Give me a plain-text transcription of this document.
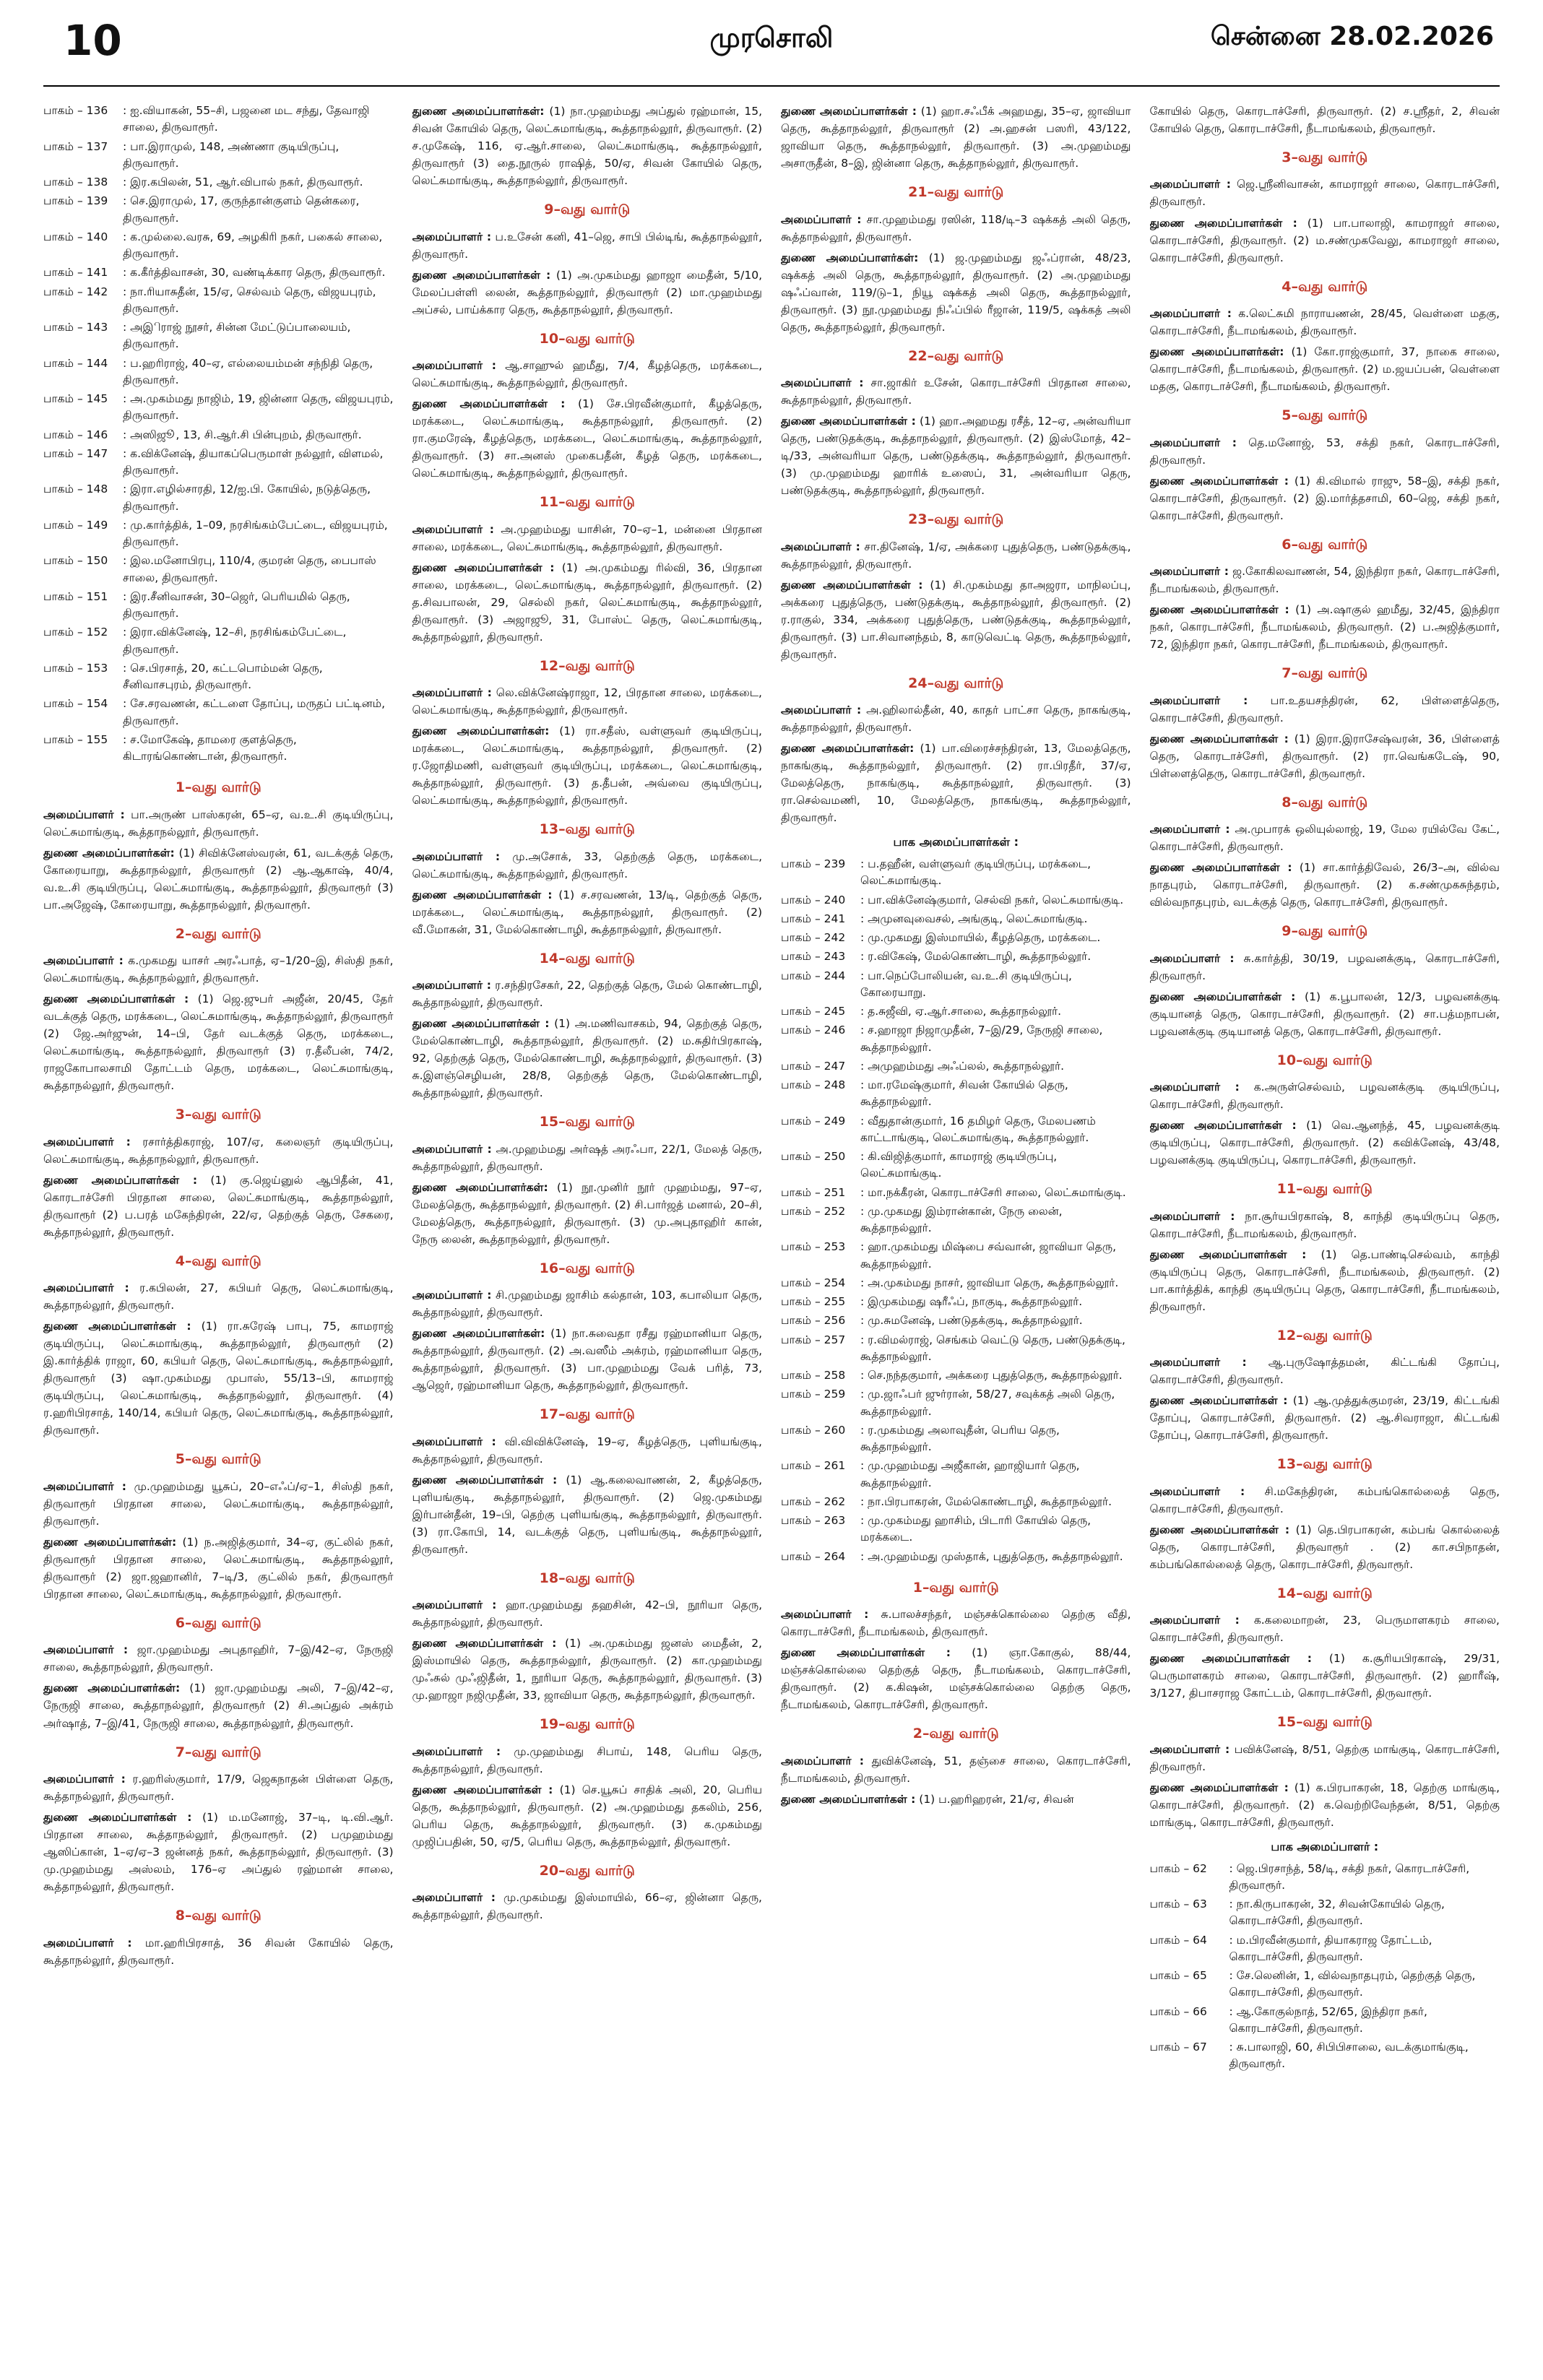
10	முரசொலி	சென்னை 28.02.2026
பாகம் – 136	: ஐ.வியாகன், 55–சி, பஜனை மட சந்து, தேவாஜி சாலை, திருவாரூர்.
பாகம் – 137	: பா.இராமுல், 148, அண்ணா குடியிருப்பு, திருவாரூர்.
பாகம் – 138	: இர.கபிலன், 51, ஆர்.விபால் நகர், திருவாரூர்.
பாகம் – 139	: செ.இராமுல், 17, குருந்தான்குளம் தென்கரை, திருவாரூர்.
பாகம் – 140	: க.முல்லை.வரசு, 69, அழகிரி நகர், பகைல் சாலை, திருவாரூர்.
பாகம் – 141	: க.கீர்த்திவாசன், 30, வண்டிக்கார தெரு, திருவாரூர்.
பாகம் – 142	: நா.ரியாசுதீன், 15/ஏ, செல்வம் தெரு, விஜயபுரம், திருவாரூர்.
பாகம் – 143	: அஇிராஜ் நூசர், சின்ன மேட்டுப்பாலையம், திருவாரூர்.
பாகம் – 144	: ப.ஹரிராஜ், 40–ஏ, எல்லையம்மன் சந்நிதி தெரு, திருவாரூர்.
பாகம் – 145	: அ.முகம்மது நாஜிம், 19, ஜின்னா தெரு, விஜயபுரம், திருவாரூர்.
பாகம் – 146	: அஸிஜூ், 13, சி.ஆர்.சி பின்புறம், திருவாரூர்.
பாகம் – 147	: க.விக்னேஷ், தியாகப்பெருமாள் நல்லூர், விளமல், திருவாரூர்.
பாகம் – 148	: இரா.எழில்சாரதி, 12/ஐ.பி. கோயில், நடுத்தெரு, திருவாரூர்.
பாகம் – 149	: மு.கார்த்திக், 1–09, நரசிங்கம்பேட்டை, விஜயபுரம், திருவாரூர்.
பாகம் – 150	: இல.மனோபிரபு, 110/4, குமரன் தெரு, பைபாஸ் சாலை, திருவாரூர்.
பாகம் – 151	: இர.சீனிவாசன், 30–ஜெர், பெரியமில் தெரு, திருவாரூர்.
பாகம் – 152	: இரா.விக்னேஷ், 12–சி, நரசிங்கம்பேட்டை, திருவாரூர்.
பாகம் – 153	: செ.பிரசாத், 20, கட்டபொம்மன் தெரு, சீனிவாசபுரம், திருவாரூர்.
பாகம் – 154	: சே.சரவணன், கட்டளை தோப்பு, மருதப் பட்டினம், திருவாரூர்.
பாகம் – 155	: ச.மோகேஷ், தாமரை குளத்தெரு, கிடாரங்கொண்டான், திருவாரூர்.
1–வது வார்டு
அமைப்பாளர் : பா.அருண் பாஸ்கரன், 65–ஏ, வ.உ.சி குடியிருப்பு, லெட்சுமாங்குடி, கூத்தாநல்லூர், திருவாரூர்.
துணை அமைப்பாளர்கள்: (1) சிவிக்னேஸ்வரன், 61, வடக்குத் தெரு, கோரையாறு, கூத்தாநல்லூர், திருவாரூர் (2) ஆ.ஆகாஷ், 40/4, வ.உ.சி குடியிருப்பு, லெட்சுமாங்குடி, கூத்தாநல்லூர், திருவாரூர் (3) பா.அஜேஷ், கோரையாறு, கூத்தாநல்லூர், திருவாரூர்.
2–வது வார்டு
அமைப்பாளர் : க.முகமது யாசர் அரஃபாத், ஏ–1/20–இ, சிஸ்தி நகர், லெட்சுமாங்குடி, கூத்தாநல்லூர், திருவாரூர்.
துணை அமைப்பாளர்கள் : (1) ஜெ.ஜுபர் அஜீன், 20/45, தேர் வடக்குத் தெரு, மரக்கடை, லெட்சுமாங்குடி, கூத்தாநல்லூர், திருவாரூர் (2) ஜே.அர்ஜுன், 14–பி, தேர் வடக்குத் தெரு, மரக்கடை, லெட்சுமாங்குடி, கூத்தாநல்லூர், திருவாரூர் (3) ர.தீலீபன், 74/2, ராஜகோபாலசாமி தோட்டம் தெரு, மரக்கடை, லெட்சுமாங்குடி, கூத்தாநல்லூர், திருவாரூர்.
3–வது வார்டு
அமைப்பாளர் : ரசார்த்திகராஜ், 107/ஏ, கலைஞர் குடியிருப்பு, லெட்சுமாங்குடி, கூத்தாநல்லூர், திருவாரூர்.
துணை அமைப்பாளர்கள் : (1) கு.ஜெய்னுல் ஆபிதீன், 41, கொரடாச்சேரி பிரதான சாலை, லெட்சுமாங்குடி, கூத்தாநல்லூர், திருவாரூர் (2) ப.பரத் மகேந்திரன், 22/ஏ, தெற்குத் தெரு, சேகரை, கூத்தாநல்லூர், திருவாரூர்.
4–வது வார்டு
அமைப்பாளர் : ர.கபிலன், 27, கபியர் தெரு, லெட்சுமாங்குடி, கூத்தாநல்லூர், திருவாரூர்.
துணை அமைப்பாளர்கள் : (1) ரா.சுரேஷ் பாபு, 75, காமராஜ் குடியிருப்பு, லெட்சுமாங்குடி, கூத்தாநல்லூர், திருவாரூர் (2) இ.கார்த்திக் ராஜா, 60, கபியர் தெரு, லெட்சுமாங்குடி, கூத்தாநல்லூர், திருவாரூர் (3) ஷா.முகம்மது முபாஸ், 55/13–பி, காமராஜ் குடியிருப்பு, லெட்சுமாங்குடி, கூத்தாநல்லூர், திருவாரூர். (4) ர.ஹரிபிரசாத், 140/14, கபியர் தெரு, லெட்சுமாங்குடி, கூத்தாநல்லூர், திருவாரூர்.
5–வது வார்டு
அமைப்பாளர் : மு.முஹம்மது யூசுப், 20–எஃப்/ஏ–1, சிஸ்தி நகர், திருவாரூர் பிரதான சாலை, லெட்சுமாங்குடி, கூத்தாநல்லூர், திருவாரூர்.
துணை அமைப்பாளர்கள்: (1) ந.அஜித்குமார், 34–ஏ, குட்லில் நகர், திருவாரூர் பிரதான சாலை, லெட்சுமாங்குடி, கூத்தாநல்லூர், திருவாரூர் (2) ஜா.ஜஹானிர், 7–டி/3, குட்லில் நகர், திருவாரூர் பிரதான சாலை, லெட்சுமாங்குடி, கூத்தாநல்லூர், திருவாரூர்.
6–வது வார்டு
அமைப்பாளர் : ஜா.முஹம்மது அபுதாஹிர், 7–இ/42–ஏ, நேருஜி சாலை, கூத்தாநல்லூர், திருவாரூர்.
துணை அமைப்பாளர்கள்: (1) ஜா.முஹம்மது அலி, 7–இ/42–ஏ, நேருஜி சாலை, கூத்தாநல்லூர், திருவாரூர் (2) சி.அப்துல் அக்ரம் அர்ஷாத், 7–இ/41, நேருஜி சாலை, கூத்தாநல்லூர், திருவாரூர்.
7–வது வார்டு
அமைப்பாளர் : ர.ஹரிஸ்குமார், 17/9, ஜெகநாதன் பிள்ளை தெரு, கூத்தாநல்லூர், திருவாரூர்.
துணை அமைப்பாளர்கள் : (1) ம.மனோஜ், 37–டி, டி.வி.ஆர். பிரதான சாலை, கூத்தாநல்லூர், திருவாரூர். (2) பமுஹம்மது ஆஸிப்கான், 1–ஏ/ஏ–3 ஜன்னத் நகர், கூத்தாநல்லூர், திருவாரூர். (3) மு.முஹம்மது அஸ்லம், 176–ஏ அப்துல் ரஹ்மான் சாலை, கூத்தாநல்லூர், திருவாரூர்.
8–வது வார்டு
அமைப்பாளர் : மா.ஹரிபிரசாத், 36 சிவன் கோயில் தெரு, கூத்தாநல்லூர், திருவாரூர்.
துணை அமைப்பாளர்கள்: (1) நா.முஹம்மது அப்துல் ரஹ்மான், 15, சிவன் கோயில் தெரு, லெட்சுமாங்குடி, கூத்தாநல்லூர், திருவாரூர். (2) ச.முகேஷ், 116, ஏ.ஆர்.சாலை, லெட்சுமாங்குடி, கூத்தாநல்லூர், திருவாரூர் (3) தை.நூருல் ராஷித், 50/ஏ, சிவன் கோயில் தெரு, லெட்சுமாங்குடி, கூத்தாநல்லூர், திருவாரூர்.
9–வது வார்டு
அமைப்பாளர் : ப.உசேன் கனி, 41–ஜெ, சாபி பில்டிங், கூத்தாநல்லூர், திருவாரூர்.
துணை அமைப்பாளர்கள் : (1) அ.முகம்மது ஹாஜா மைதீன், 5/10, மேலப்பள்ளி லைன், கூத்தாநல்லூர், திருவாரூர் (2) மா.முஹம்மது அப்சல், பாய்க்கார தெரு, கூத்தாநல்லூர், திருவாரூர்.
10–வது வார்டு
அமைப்பாளர் : ஆ.சாஹுல் ஹமீது, 7/4, கீழத்தெரு, மரக்கடை, லெட்சுமாங்குடி, கூத்தாநல்லூர், திருவாரூர்.
துணை அமைப்பாளர்கள் : (1) சே.பிரவீன்குமார், கீழத்தெரு, மரக்கடை, லெட்சுமாங்குடி, கூத்தாநல்லூர், திருவாரூர். (2) ரா.குமரேஷ், கீழத்தெரு, மரக்கடை, லெட்சுமாங்குடி, கூத்தாநல்லூர், திருவாரூர். (3) சா.அனஸ் முகைபதீன், கீழத் தெரு, மரக்கடை, லெட்சுமாங்குடி, கூத்தாநல்லூர், திருவாரூர்.
11–வது வார்டு
அமைப்பாளர் : அ.முஹம்மது யாசின், 70–ஏ–1, மன்னை பிரதான சாலை, மரக்கடை, லெட்சுமாங்குடி, கூத்தாநல்லூர், திருவாரூர்.
துணை அமைப்பாளர்கள் : (1) அ.முகம்மது ரில்வி, 36, பிரதான சாலை, மரக்கடை, லெட்சுமாங்குடி, கூத்தாநல்லூர், திருவாரூர். (2) த.சிவபாலன், 29, செல்லி நகர், லெட்சுமாங்குடி, கூத்தாநல்லூர், திருவாரூர். (3) அஜாஜூ, 31, போஸ்ட் தெரு, லெட்சுமாங்குடி, கூத்தாநல்லூர், திருவாரூர்.
12–வது வார்டு
அமைப்பாளர் : லெ.விக்னேஷ்ராஜா, 12, பிரதான சாலை, மரக்கடை, லெட்சுமாங்குடி, கூத்தாநல்லூர், திருவாரூர்.
துணை அமைப்பாளர்கள்: (1) ரா.சதீஸ், வள்ளுவர் குடியிருப்பு, மரக்கடை, லெட்சுமாங்குடி, கூத்தாநல்லூர், திருவாரூர். (2) ர.ஜோதிமணி, வள்ளுவர் குடியிருப்பு, மரக்கடை, லெட்சுமாங்குடி, கூத்தாநல்லூர், திருவாரூர். (3) த.தீபன், அவ்வை குடியிருப்பு, லெட்சுமாங்குடி, கூத்தாநல்லூர், திருவாரூர்.
13–வது வார்டு
அமைப்பாளர் : மு.அசோக், 33, தெற்குத் தெரு, மரக்கடை, லெட்சுமாங்குடி, கூத்தாநல்லூர், திருவாரூர்.
துணை அமைப்பாளர்கள் : (1) ச.சரவணன், 13/டி, தெற்குத் தெரு, மரக்கடை, லெட்சுமாங்குடி, கூத்தாநல்லூர், திருவாரூர். (2) வீ.மோகன், 31, மேல்கொண்டாழி, கூத்தாநல்லூர், திருவாரூர்.
14–வது வார்டு
அமைப்பாளர் : ர.சந்திரசேகர், 22, தெற்குத் தெரு, மேல் கொண்டாழி, கூத்தாநல்லூர், திருவாரூர்.
துணை அமைப்பாளர்கள் : (1) அ.மணிவாசகம், 94, தெற்குத் தெரு, மேல்கொண்டாழி, கூத்தாநல்லூர், திருவாரூர். (2) ம.சுதிர்பிரகாஷ், 92, தெற்குத் தெரு, மேல்கொண்டாழி, கூத்தாநல்லூர், திருவாரூர். (3) சு.இளஞ்செழியன், 28/8, தெற்குத் தெரு, மேல்கொண்டாழி, கூத்தாநல்லூர், திருவாரூர்.
15–வது வார்டு
அமைப்பாளர் : அ.முஹம்மது அர்ஷத் அரஃபா, 22/1, மேலத் தெரு, கூத்தாநல்லூர், திருவாரூர்.
துணை அமைப்பாளர்கள்: (1) நூ.முனிர் நூர் முஹம்மது, 97–ஏ, மேலத்தெரு, கூத்தாநல்லூர், திருவாரூர். (2) சி.பார்ஜத் மனால், 20–சி, மேலத்தெரு, கூத்தாநல்லூர், திருவாரூர். (3) மு.அபுதாஹிர் கான், நேரு லைன், கூத்தாநல்லூர், திருவாரூர்.
16–வது வார்டு
அமைப்பாளர் : சி.முஹம்மது ஜாசிம் கல்தான், 103, கபாலியா தெரு, கூத்தாநல்லூர், திருவாரூர்.
துணை அமைப்பாளர்கள்: (1) நா.சுவைதா ரசீது ரஹ்மானியா தெரு, கூத்தாநல்லூர், திருவாரூர். (2) அ.வஸீம் அக்ரம், ரஹ்மானியா தெரு, கூத்தாநல்லூர், திருவாரூர். (3) பா.முஹம்மது வேக் பரித், 73, ஆஜெர், ரஹ்மானியா தெரு, கூத்தாநல்லூர், திருவாரூர்.
17–வது வார்டு
அமைப்பாளர் : வி.விவிக்னேஷ், 19–ஏ, கீழத்தெரு, புளியங்குடி, கூத்தாநல்லூர், திருவாரூர்.
துணை அமைப்பாளர்கள் : (1) ஆ.கலைவாணன், 2, கீழத்தெரு, புளியங்குடி, கூத்தாநல்லூர், திருவாரூர். (2) ஜெ.முகம்மது இர்பான்தீன், 19–பி, தெற்கு புளியங்குடி, கூத்தாநல்லூர், திருவாரூர். (3) ரா.கோபி, 14, வடக்குத் தெரு, புளியங்குடி, கூத்தாநல்லூர், திருவாரூர்.
18–வது வார்டு
அமைப்பாளர் : ஹா.முஹம்மது தஹசின், 42–பி, நூரியா தெரு, கூத்தாநல்லூர், திருவாரூர்.
துணை அமைப்பாளர்கள் : (1) அ.முகம்மது ஜனஸ் மைதீன், 2, இஸ்மாயில் தெரு, கூத்தாநல்லூர், திருவாரூர். (2) கா.முஹம்மது முஃசுல் முஃஜிதீன், 1, நூரியா தெரு, கூத்தாநல்லூர், திருவாரூர். (3) மு.ஹாஜா நஜிமுதீன், 33, ஜாவியா தெரு, கூத்தாநல்லூர், திருவாரூர்.
19–வது வார்டு
அமைப்பாளர் : மு.முஹம்மது சிபாய், 148, பெரிய தெரு, கூத்தாநல்லூர், திருவாரூர்.
துணை அமைப்பாளர்கள் : (1) செ.யூசுப் சாதிக் அலி, 20, பெரிய தெரு, கூத்தாநல்லூர், திருவாரூர். (2) அ.முஹம்மது தகலிம், 256, பெரிய தெரு, கூத்தாநல்லூர், திருவாரூர். (3) க.முகம்மது முஜிப்பதின், 50, ஏ/5, பெரிய தெரு, கூத்தாநல்லூர், திருவாரூர்.
20–வது வார்டு
அமைப்பாளர் : மு.முகம்மது இஸ்மாயில், 66–ஏ, ஜின்னா தெரு, கூத்தாநல்லூர், திருவாரூர்.
துணை அமைப்பாளர்கள் : (1) ஹா.சஃபீக் அஹமது, 35–ஏ, ஜாவியா தெரு, கூத்தாநல்லூர், திருவாரூர் (2) அ.ஹசன் பஸரி, 43/122, ஜாவியா தெரு, கூத்தாநல்லூர், திருவாரூர். (3) அ.முஹம்மது அசாருதீன், 8–இ, ஜின்னா தெரு, கூத்தாநல்லூர், திருவாரூர்.
21–வது வார்டு
அமைப்பாளர் : சா.முஹம்மது ரஸின், 118/டி–3 ஷக்கத் அலி தெரு, கூத்தாநல்லூர், திருவாரூர்.
துணை அமைப்பாளர்கள்: (1) ஜ.முஹம்மது ஜஃப்ரான், 48/23, ஷக்கத் அலி தெரு, கூத்தாநல்லூர், திருவாரூர். (2) அ.முஹம்மது ஷஃப்வான், 119/டு–1, நியூ ஷக்கத் அலி தெரு, கூத்தாநல்லூர், திருவாரூர். (3) நூ.முஹம்மது நிஃப்பில் ரீஜான், 119/5, ஷக்கத் அலி தெரு, கூத்தாநல்லூர், திருவாரூர்.
22–வது வார்டு
அமைப்பாளர் : சா.ஜாகிர் உசேன், கொரடாச்சேரி பிரதான சாலை, கூத்தாநல்லூர், திருவாரூர்.
துணை அமைப்பாளர்கள் : (1) ஹா.அஹமது ரசீத், 12–ஏ, அன்வரியா தெரு, பண்டுதக்குடி, கூத்தாநல்லூர், திருவாரூர். (2) இஸ்மோத், 42–டி/33, அன்வரியா தெரு, பண்டுதக்குடி, கூத்தாநல்லூர், திருவாரூர். (3) மு.முஹம்மது ஹாரிக் உஸைப், 31, அன்வரியா தெரு, பண்டுதக்குடி, கூத்தாநல்லூர், திருவாரூர்.
23–வது வார்டு
அமைப்பாளர் : சா.தினேஷ், 1/ஏ, அக்கரை புதுத்தெரு, பண்டுதக்குடி, கூத்தாநல்லூர், திருவாரூர்.
துணை அமைப்பாளர்கள் : (1) சி.முகம்மது தாஅஜரா, மாநிலப்பு, அக்கரை புதுத்தெரு, பண்டுதக்குடி, கூத்தாநல்லூர், திருவாரூர். (2) ர.ராகுல், 334, அக்கரை புதுத்தெரு, பண்டுதக்குடி, கூத்தாநல்லூர், திருவாரூர். (3) பா.சிவானந்தம், 8, காடுவெட்டி தெரு, கூத்தாநல்லூர், திருவாரூர்.
24–வது வார்டு
அமைப்பாளர் : அ.ஹிலால்தீன், 40, காதர் பாட்சா தெரு, நாகங்குடி, கூத்தாநல்லூர், திருவாரூர்.
துணை அமைப்பாளர்கள்: (1) பா.விரைச்சந்திரன், 13, மேலத்தெரு, நாகங்குடி, கூத்தாநல்லூர், திருவாரூர். (2) ரா.பிரதீர், 37/ஏ, மேலத்தெரு, நாகங்குடி, கூத்தாநல்லூர், திருவாரூர். (3) ரா.செல்வமணி, 10, மேலத்தெரு, நாகங்குடி, கூத்தாநல்லூர், திருவாரூர்.
பாக அமைப்பாளர்கள் :
பாகம் – 239	: ப.தஹீன், வள்ளுவர் குடியிருப்பு, மரக்கடை, லெட்சுமாங்குடி.
பாகம் – 240	: பா.விக்னேஷ்குமார், செல்வி நகர், லெட்சுமாங்குடி.
பாகம் – 241	: அமுனவுவைசல், அங்குடி, லெட்சுமாங்குடி.
பாகம் – 242	: மு.முகமது இஸ்மாயில், கீழத்தெரு, மரக்கடை.
பாகம் – 243	: ர.விகேஷ், மேல்கொண்டாழி, கூத்தாநல்லூர்.
பாகம் – 244	: பா.நெப்போலியன், வ.உ.சி குடியிருப்பு, கோரையாறு.
பாகம் – 245	: த.சுஜீவி, ஏ.ஆர்.சாலை, கூத்தாநல்லூர்.
பாகம் – 246	: ச.ஹாஜா நிஜாமுதீன், 7–இ/29, நேருஜி சாலை, கூத்தாநல்லூர்.
பாகம் – 247	: அமுஹம்மது அஃப்லல், கூத்தாநல்லூர்.
பாகம் – 248	: மா.ரமேஷ்குமார், சிவன் கோயில் தெரு, கூத்தாநல்லூர்.
பாகம் – 249	: வீதுதான்குமார், 16 தமிழர் தெரு, மேலபணம் காட்டாங்குடி, லெட்சுமாங்குடி, கூத்தாநல்லூர்.
பாகம் – 250	: கி.விஜித்குமார், காமராஜ் குடியிருப்பு, லெட்சுமாங்குடி.
பாகம் – 251	: மா.நக்கீரன், கொரடாச்சேரி சாலை, லெட்சுமாங்குடி.
பாகம் – 252	: மு.முகமது இம்ரான்கான், நேரு லைன், கூத்தாநல்லூர்.
பாகம் – 253	: ஹா.முகம்மது மிஷ்பை சவ்வான், ஜாவியா தெரு, கூத்தாநல்லூர்.
பாகம் – 254	: அ.முகம்மது நாசர், ஜாவியா தெரு, கூத்தாநல்லூர்.
பாகம் – 255	: இமுகம்மது ஷரீஃப், நாகுடி, கூத்தாநல்லூர்.
பாகம் – 256	: மு.சுமனேஷ், பண்டுதக்குடி, கூத்தாநல்லூர்.
பாகம் – 257	: ர.விமல்ராஜ், செங்கம் வெட்டு தெரு, பண்டுதக்குடி, கூத்தாநல்லூர்.
பாகம் – 258	: செ.நந்தகுமார், அக்கரை புதுத்தெரு, கூத்தாநல்லூர்.
பாகம் – 259	: மு.ஜாஃபர் ஜுர்ரான், 58/27, சவுக்கத் அலி தெரு, கூத்தாநல்லூர்.
பாகம் – 260	: ர.முகம்மது அலாவுதீன், பெரிய தெரு, கூத்தாநல்லூர்.
பாகம் – 261	: மு.முஹம்மது அஜீகான், ஹாஜியார் தெரு, கூத்தாநல்லூர்.
பாகம் – 262	: நா.பிரபாகரன், மேல்கொண்டாழி, கூத்தாநல்லூர்.
பாகம் – 263	: மு.முகம்மது ஹாசிம், பிடாரி கோயில் தெரு, மரக்கடை.
பாகம் – 264	: அ.முஹம்மது முஸ்தாக், புதுத்தெரு, கூத்தாநல்லூர்.
1–வது வார்டு
அமைப்பாளர் : சு.பாலச்சந்தர், மஞ்சக்கொல்லை தெற்கு வீதி, கொரடாச்சேரி, நீடாமங்கலம், திருவாரூர்.
துணை அமைப்பாளர்கள் : (1) ஞா.கோகுல், 88/44, மஞ்சக்கொல்லை தெற்குத் தெரு, நீடாமங்கலம், கொரடாச்சேரி, திருவாரூர். (2) க.கிஷன், மஞ்சக்கொல்லை தெற்கு தெரு, நீடாமங்கலம், கொரடாச்சேரி, திருவாரூர்.
2–வது வார்டு
அமைப்பாளர் : துவிக்னேஷ், 51, தஞ்சை சாலை, கொரடாச்சேரி, நீடாமங்கலம், திருவாரூர்.
துணை அமைப்பாளர்கள் : (1) ப.ஹரிஹரன், 21/ஏ, சிவன்
கோயில் தெரு, கொரடாச்சேரி, திருவாரூர். (2) ச.ஸ்ரீதர், 2, சிவன் கோயில் தெரு, கொரடாச்சேரி, நீடாமங்கலம், திருவாரூர்.
3–வது வார்டு
அமைப்பாளர் : ஜெ.ஸ்ரீனிவாசன், காமராஜர் சாலை, கொரடாச்சேரி, திருவாரூர்.
துணை அமைப்பாளர்கள் : (1) பா.பாலாஜி, காமராஜர் சாலை, கொரடாச்சேரி, திருவாரூர். (2) ம.சண்முகவேலு, காமராஜர் சாலை, கொரடாச்சேரி, திருவாரூர்.
4–வது வார்டு
அமைப்பாளர் : க.லெட்சுமி நாராயணன், 28/45, வெள்ளை மதகு, கொரடாச்சேரி, நீடாமங்கலம், திருவாரூர்.
துணை அமைப்பாளர்கள்: (1) கோ.ராஜ்குமார், 37, நாகை சாலை, கொரடாச்சேரி, நீடாமங்கலம், திருவாரூர். (2) ம.ஜயப்பன், வெள்ளை மதகு, கொரடாச்சேரி, நீடாமங்கலம், திருவாரூர்.
5–வது வார்டு
அமைப்பாளர் : தெ.மனோஜ், 53, சக்தி நகர், கொரடாச்சேரி, திருவாரூர்.
துணை அமைப்பாளர்கள் : (1) கி.விமால் ராஜு, 58–இ, சக்தி நகர், கொரடாச்சேரி, திருவாரூர். (2) இ.மார்த்தசாமி, 60–ஜெ, சக்தி நகர், கொரடாச்சேரி, திருவாரூர்.
6–வது வார்டு
அமைப்பாளர் : ஜ.கோகிலவாணன், 54, இந்திரா நகர், கொரடாச்சேரி, நீடாமங்கலம், திருவாரூர்.
துணை அமைப்பாளர்கள் : (1) அ.ஷாகுல் ஹமீது, 32/45, இந்திரா நகர், கொரடாச்சேரி, நீடாமங்கலம், திருவாரூர். (2) ப.அஜித்குமார், 72, இந்திரா நகர், கொரடாச்சேரி, நீடாமங்கலம், திருவாரூர்.
7–வது வார்டு
அமைப்பாளர் : பா.உதயசந்திரன், 62, பிள்ளைத்தெரு, கொரடாச்சேரி, திருவாரூர்.
துணை அமைப்பாளர்கள் : (1) இரா.இராசேஷ்வரன், 36, பிள்ளைத் தெரு, கொரடாச்சேரி, திருவாரூர். (2) ரா.வெங்கடேஷ், 90, பிள்ளைத்தெரு, கொரடாச்சேரி, திருவாரூர்.
8–வது வார்டு
அமைப்பாளர் : அ.முபாரக் ஒலியுல்லாஜ், 19, மேல ரயில்வே கேட், கொரடாச்சேரி, திருவாரூர்.
துணை அமைப்பாளர்கள் : (1) சா.கார்த்திவேல், 26/3–அ, வில்வ நாதபுரம், கொரடாச்சேரி, திருவாரூர். (2) க.சண்முகசுந்தரம், வில்வநாதபுரம், வடக்குத் தெரு, கொரடாச்சேரி, திருவாரூர்.
9–வது வார்டு
அமைப்பாளர் : சு.கார்த்தி, 30/19, பழவனக்குடி, கொரடாச்சேரி, திருவாரூர்.
துணை அமைப்பாளர்கள் : (1) க.பூபாலன், 12/3, பழவனக்குடி குடியானத் தெரு, கொரடாச்சேரி, திருவாரூர். (2) சா.பத்மநாபன், பழவனக்குடி குடியானத் தெரு, கொரடாச்சேரி, திருவாரூர்.
10–வது வார்டு
அமைப்பாளர் : க.அருள்செல்வம், பழவனக்குடி குடியிருப்பு, கொரடாச்சேரி, திருவாரூர்.
துணை அமைப்பாளர்கள் : (1) வெ.ஆனந்த், 45, பழவனக்குடி குடியிருப்பு, கொரடாச்சேரி, திருவாரூர். (2) கவிக்னேஷ், 43/48, பழவனக்குடி குடியிருப்பு, கொரடாச்சேரி, திருவாரூர்.
11–வது வார்டு
அமைப்பாளர் : நா.சூர்யபிரகாஷ், 8, காந்தி குடியிருப்பு தெரு, கொரடாச்சேரி, நீடாமங்கலம், திருவாரூர்.
துணை அமைப்பாளர்கள் : (1) தெ.பாண்டிசெல்வம், காந்தி குடியிருப்பு தெரு, கொரடாச்சேரி, நீடாமங்கலம், திருவாரூர். (2) பா.கார்த்திக், காந்தி குடியிருப்பு தெரு, கொரடாச்சேரி, நீடாமங்கலம், திருவாரூர்.
12–வது வார்டு
அமைப்பாளர் : ஆ.புருஷோத்தமன், கிட்டங்கி தோப்பு, கொரடாச்சேரி, திருவாரூர்.
துணை அமைப்பாளர்கள் : (1) ஆ.முத்துக்குமரன், 23/19, கிட்டங்கி தோப்பு, கொரடாச்சேரி, திருவாரூர். (2) ஆ.சிவராஜா, கிட்டங்கி தோப்பு, கொரடாச்சேரி, திருவாரூர்.
13–வது வார்டு
அமைப்பாளர் : சி.மகேந்திரன், கம்பங்கொல்லைத் தெரு, கொரடாச்சேரி, திருவாரூர்.
துணை அமைப்பாளர்கள் : (1) தெ.பிரபாகரன், கம்பங் கொல்லைத் தெரு, கொரடாச்சேரி, திருவாரூர் . (2) கா.சபிநாதன், கம்பங்கொல்லைத் தெரு, கொரடாச்சேரி, திருவாரூர்.
14–வது வார்டு
அமைப்பாளர் : க.கலைமாறன், 23, பெருமாளகரம் சாலை, கொரடாச்சேரி, திருவாரூர்.
துணை அமைப்பாளர்கள் : (1) க.சூரியபிரகாஷ், 29/31, பெருமாளகரம் சாலை, கொரடாச்சேரி, திருவாரூர். (2) ஹாரீஷ், 3/127, திபாசராஜ கோட்டம், கொரடாச்சேரி, திருவாரூர்.
15–வது வார்டு
அமைப்பாளர் : பவிக்னேஷ், 8/51, தெற்கு மாங்குடி, கொரடாச்சேரி, திருவாரூர்.
துணை அமைப்பாளர்கள் : (1) க.பிரபாகரன், 18, தெற்கு மாங்குடி, கொரடாச்சேரி, திருவாரூர். (2) க.வெற்றிவேந்தன், 8/51, தெற்கு மாங்குடி, கொரடாச்சேரி, திருவாரூர்.
பாக அமைப்பாளர் :
பாகம் – 62	: ஜெ.பிரசாந்த், 58/டி, சக்தி நகர், கொரடாச்சேரி, திருவாரூர்.
பாகம் – 63	: நா.கிருபாகரன், 32, சிவன்கோயில் தெரு, கொரடாச்சேரி, திருவாரூர்.
பாகம் – 64	: ம.பிரவீன்குமார், தியாகராஜ தோட்டம், கொரடாச்சேரி, திருவாரூர்.
பாகம் – 65	: சே.லெனின், 1, வில்வநாதபுரம், தெற்குத் தெரு, கொரடாச்சேரி, திருவாரூர்.
பாகம் – 66	: ஆ.கோகுல்நாத், 52/65, இந்திரா நகர், கொரடாச்சேரி, திருவாரூர்.
பாகம் – 67	: சு.பாலாஜி, 60, சிபிபிசாலை, வடக்குமாங்குடி, திருவாரூர்.
